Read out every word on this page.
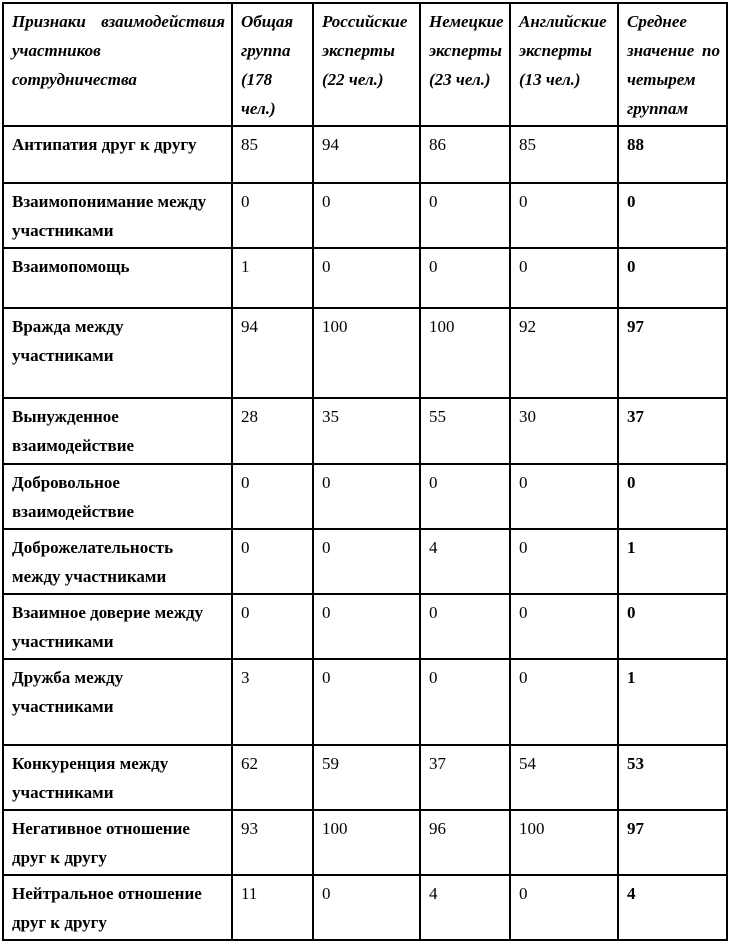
Признаки взаимодействия участников сотрудничества	Общая группа (178 чел.)	Российские эксперты (22 чел.)	Немецкие эксперты (23 чел.)	Английские эксперты (13 чел.)	Среднее значение по четырем группам
Антипатия друг к другу	85	94	86	85	88
Взаимопонимание между участниками	0	0	0	0	0
Взаимопомощь	1	0	0	0	0
Вражда между участниками	94	100	100	92	97
Вынужденное взаимодействие	28	35	55	30	37
Добровольное взаимодействие	0	0	0	0	0
Доброжелательность между участниками	0	0	4	0	1
Взаимное доверие между участниками	0	0	0	0	0
Дружба между участниками	3	0	0	0	1
Конкуренция между участниками	62	59	37	54	53
Негативное отношение друг к другу	93	100	96	100	97
Нейтральное отношение друг к другу	11	0	4	0	4
